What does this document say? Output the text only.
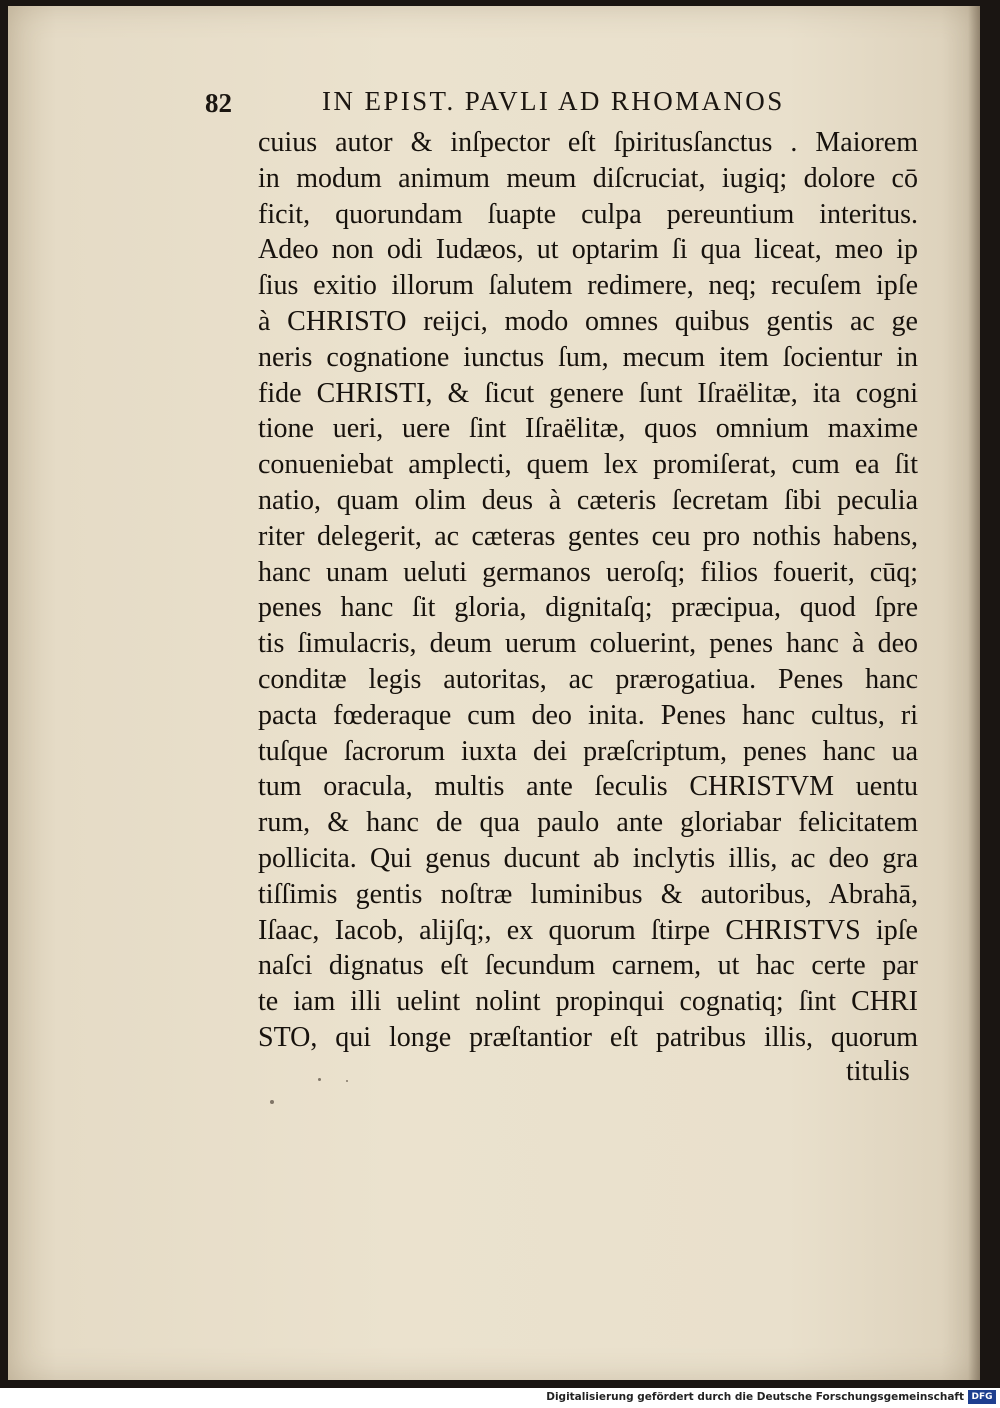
82	IN EPIST. PAVLI AD RHOMANOS
cuius autor & inſpector eſt ſpiritusſanctus . Maiorem
in modum animum meum diſcruciat, iugiq; dolore cō
ficit, quorundam ſuapte culpa pereuntium interitus.
Adeo non odi Iudæos, ut optarim ſi qua liceat, meo ip
ſius exitio illorum ſalutem redimere, neq; recuſem ipſe
à CHRISTO reijci, modo omnes quibus gentis ac ge
neris cognatione iunctus ſum, mecum item ſocientur in
fide CHRISTI, & ſicut genere ſunt Iſraëlitæ, ita cogni
tione ueri, uere ſint Iſraëlitæ, quos omnium maxime
conueniebat amplecti, quem lex promiſerat, cum ea ſit
natio, quam olim deus à cæteris ſecretam ſibi peculia
riter delegerit, ac cæteras gentes ceu pro nothis habens,
hanc unam ueluti germanos ueroſq; filios fouerit, cūq;
penes hanc ſit gloria, dignitaſq; præcipua, quod ſpre
tis ſimulacris, deum uerum coluerint, penes hanc à deo
conditæ legis autoritas, ac prærogatiua. Penes hanc
pacta fœderaque cum deo inita. Penes hanc cultus, ri
tuſque ſacrorum iuxta dei præſcriptum, penes hanc ua
tum oracula, multis ante ſeculis CHRISTVM uentu
rum, & hanc de qua paulo ante gloriabar felicitatem
pollicita. Qui genus ducunt ab inclytis illis, ac deo gra
tiſſimis gentis noſtræ luminibus & autoribus, Abrahā,
Iſaac, Iacob, alijſq;, ex quorum ſtirpe CHRISTVS ipſe
naſci dignatus eſt ſecundum carnem, ut hac certe par
te iam illi uelint nolint propinqui cognatiq; ſint CHRI
STO, qui longe præſtantior eſt patribus illis, quorum
titulis
Digitalisierung gefördert durch die Deutsche Forschungsgemeinschaft DFG
